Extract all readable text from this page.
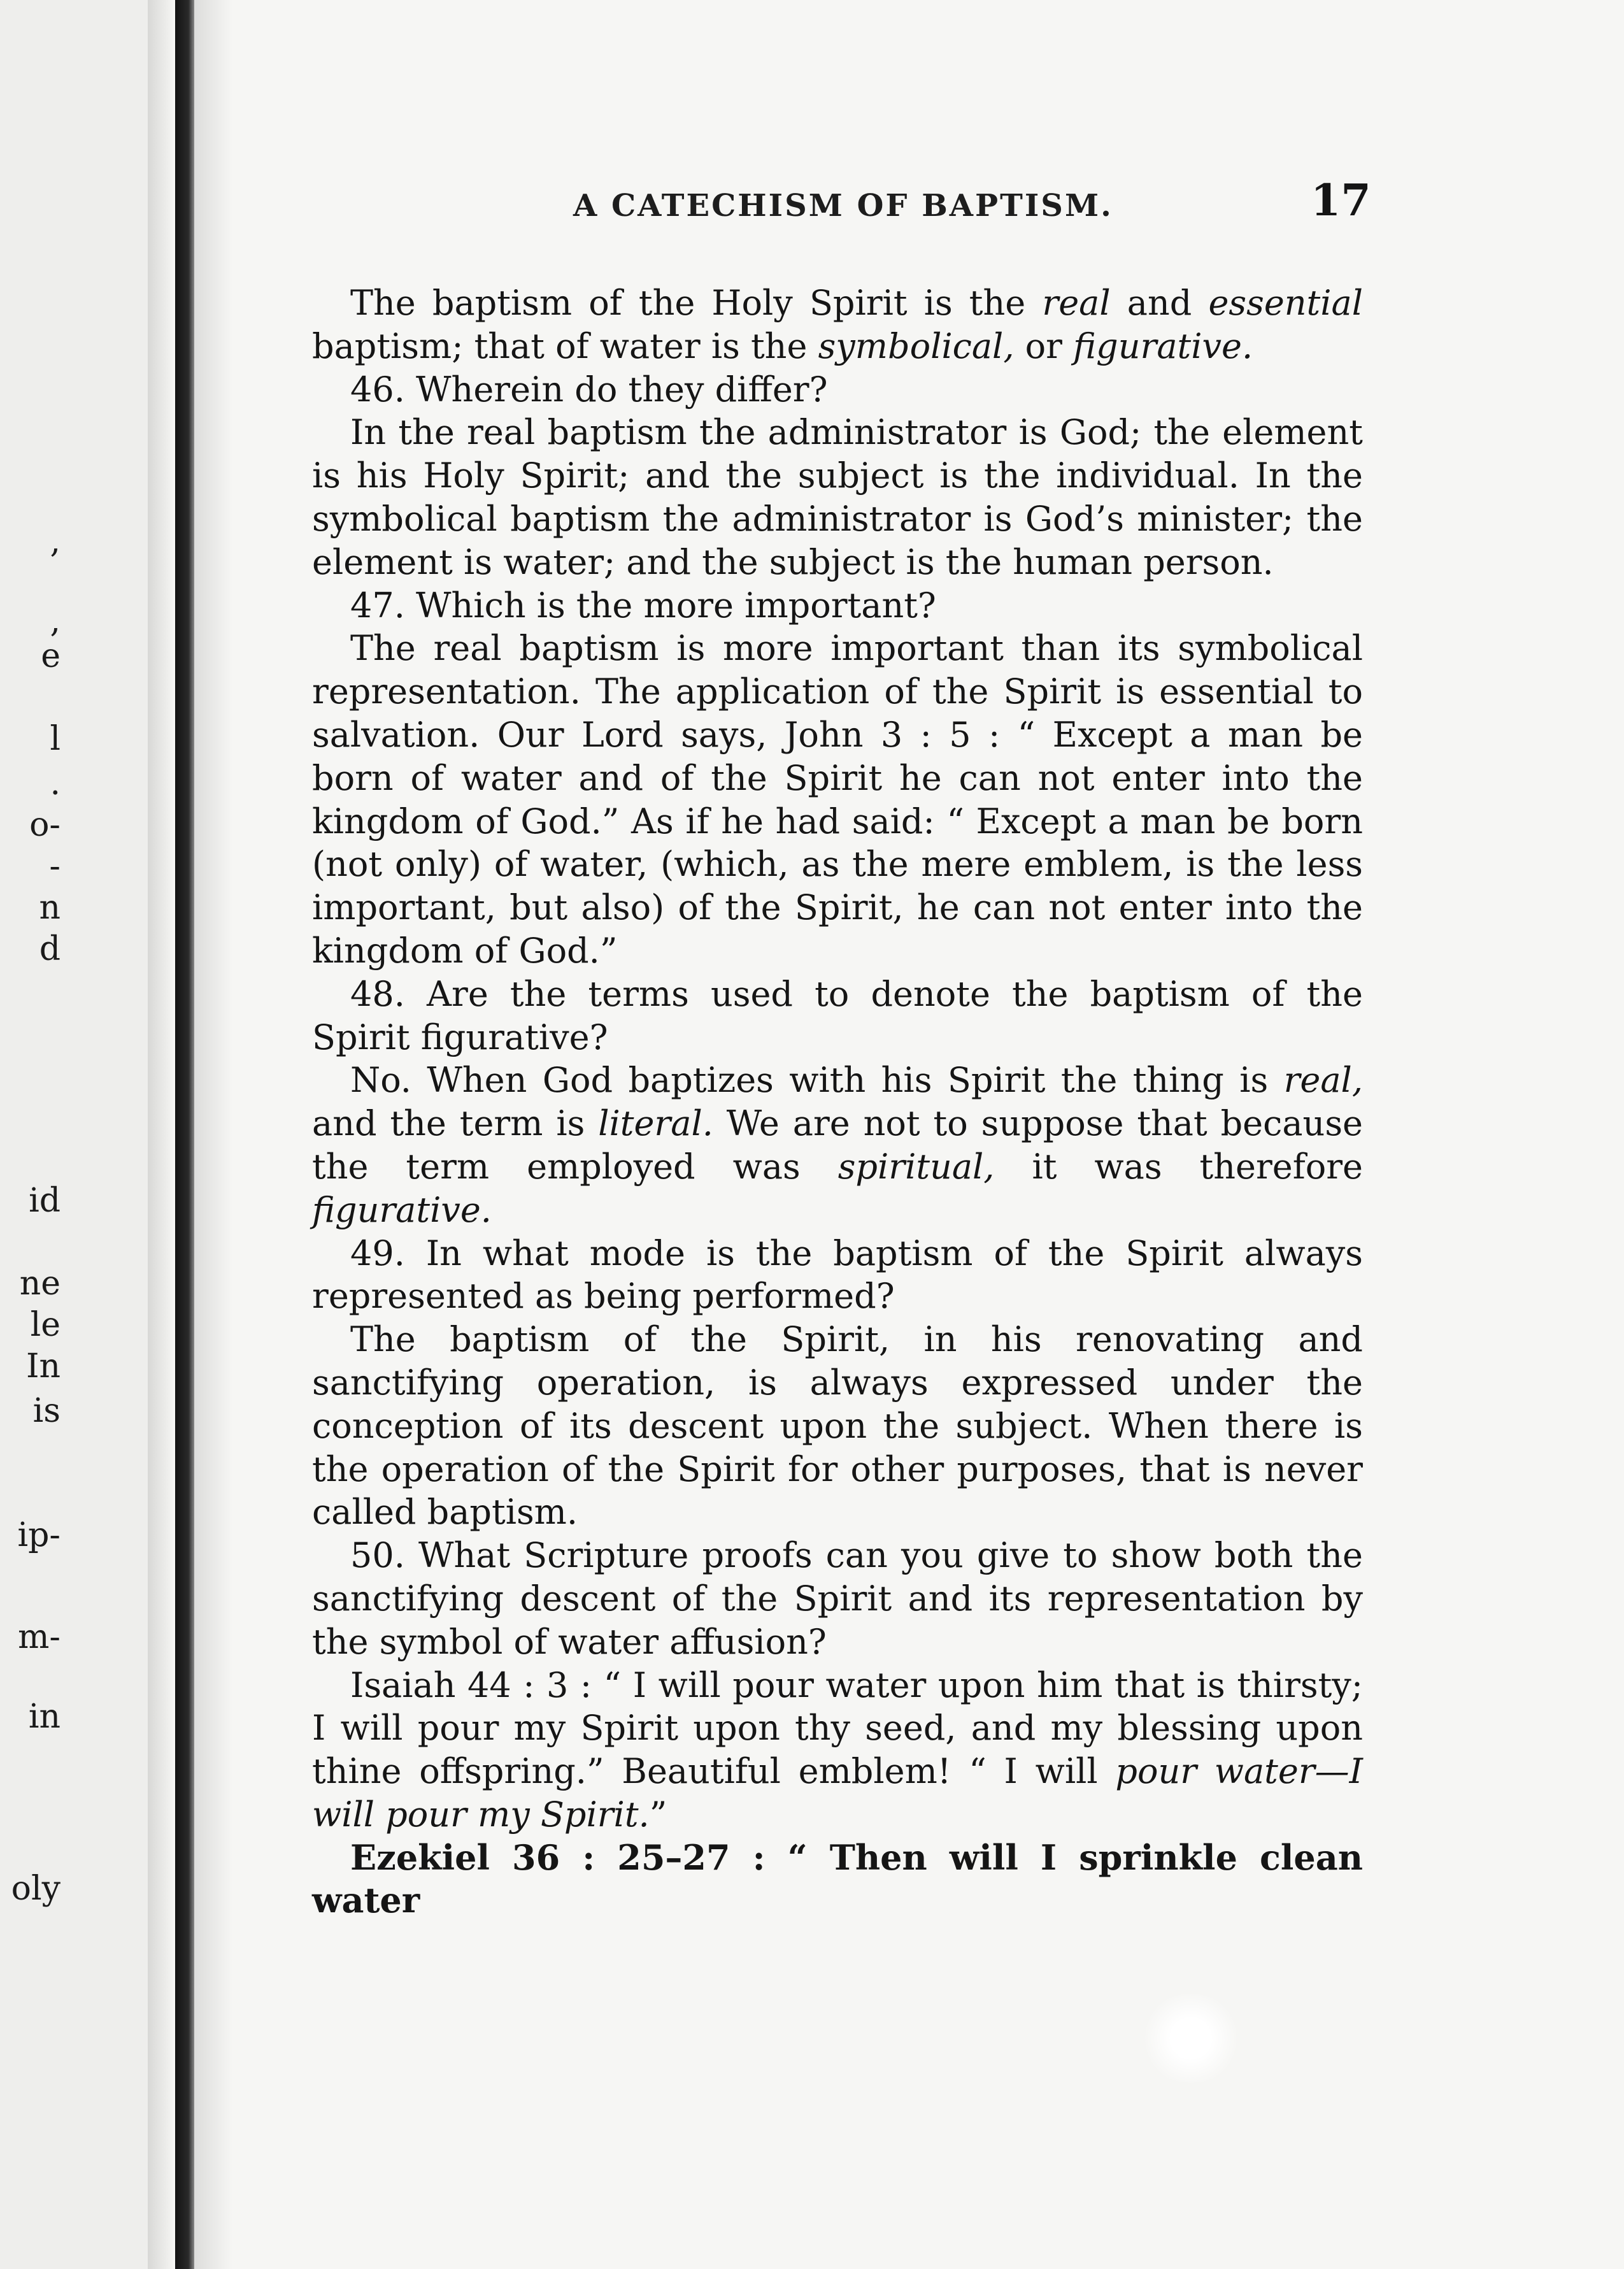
,
,
e
l
.
o-
-
n
d
id
ne
le
In
is
ip-
m-
in
oly
A CATECHISM OF BAPTISM.	17

The baptism of the Holy Spirit is the real and essential baptism; that of water is the symbolical, or figurative.

46. Wherein do they differ?

In the real baptism the administrator is God; the element is his Holy Spirit; and the subject is the individual. In the symbolical baptism the administrator is God’s minister; the element is water; and the subject is the human person.

47. Which is the more important?

The real baptism is more important than its symbolical representation. The application of the Spirit is essential to salvation. Our Lord says, John 3 : 5 : “ Except a man be born of water and of the Spirit he can not enter into the kingdom of God.” As if he had said: “ Except a man be born (not only) of water, (which, as the mere emblem, is the less important, but also) of the Spirit, he can not enter into the kingdom of God.”

48. Are the terms used to denote the baptism of the Spirit figurative?

No. When God baptizes with his Spirit the thing is real, and the term is literal. We are not to suppose that because the term employed was spiritual, it was therefore figurative.

49. In what mode is the baptism of the Spirit always represented as being performed?

The baptism of the Spirit, in his renovating and sanctifying operation, is always expressed under the conception of its descent upon the subject. When there is the operation of the Spirit for other purposes, that is never called baptism.

50. What Scripture proofs can you give to show both the sanctifying descent of the Spirit and its representation by the symbol of water affusion?

Isaiah 44 : 3 : “ I will pour water upon him that is thirsty; I will pour my Spirit upon thy seed, and my blessing upon thine offspring.” Beautiful emblem! “ I will pour water—I will pour my Spirit.”

Ezekiel 36 : 25–27 : “ Then will I sprinkle clean water
